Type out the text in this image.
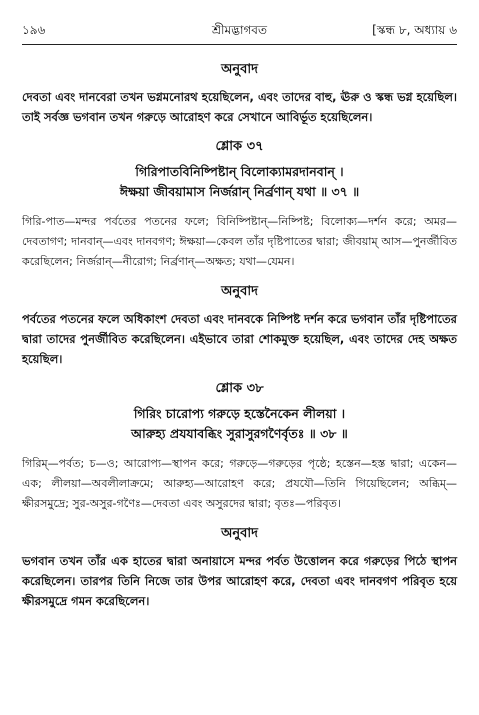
১৯৬	শ্রীমদ্ভাগবত	[স্কন্ধ ৮, অধ্যায় ৬
অনুবাদ

দেবতা এবং দানবেরা তখন ভগ্নমনোরথ হয়েছিলেন, এবং তাদের বাহু, ঊরু ও স্কন্ধ ভগ্ন হয়েছিল। তাই সর্বজ্ঞ ভগবান তখন গরুড়ে আরোহণ করে সেখানে আবির্ভূত হয়েছিলেন।

শ্লোক ৩৭
গিরিপাতবিনিষ্পিষ্টান্ বিলোক্যামরদানবান্ ।
ঈক্ষয়া জীবয়ামাস নির্জরান্ নির্ব্রণান্ যথা ॥ ৩৭ ॥

গিরি-পাত—মন্দর পর্বতের পতনের ফলে; বিনিষ্পিষ্টান্—নিষ্পিষ্ট; বিলোক্য—দর্শন করে; অমর—দেবতাগণ; দানবান্—এবং দানবগণ; ঈক্ষয়া—কেবল তাঁর দৃষ্টিপাতের দ্বারা; জীবয়াম্ আস—পুনর্জীবিত করেছিলেন; নির্জরান্—নীরোগ; নির্ব্রণান্—অক্ষত; যথা—যেমন।

অনুবাদ

পর্বতের পতনের ফলে অধিকাংশ দেবতা এবং দানবকে নিষ্পিষ্ট দর্শন করে ভগবান তাঁর দৃষ্টিপাতের দ্বারা তাদের পুনর্জীবিত করেছিলেন। এইভাবে তারা শোকমুক্ত হয়েছিল, এবং তাদের দেহ অক্ষত হয়েছিল।

শ্লোক ৩৮
গিরিং চারোপ্য গরুড়ে হস্তেনৈকেন লীলয়া ।
আরুহ্য প্রযযাবব্ধিং সুরাসুরগণৈর্বৃতঃ ॥ ৩৮ ॥

গিরিম্—পর্বত; চ—ও; আরোপ্য—স্থাপন করে; গরুড়ে—গরুড়ের পৃষ্ঠে; হস্তেন—হস্ত দ্বারা; একেন—এক; লীলয়া—অবলীলাক্রমে; আরুহ্য—আরোহণ করে; প্রযযৌ—তিনি গিয়েছিলেন; অব্ধিম্—ক্ষীরসমুদ্রে; সুর-অসুর-গণৈঃ—দেবতা এবং অসুরদের দ্বারা; বৃতঃ—পরিবৃত।

অনুবাদ

ভগবান তখন তাঁর এক হাতের দ্বারা অনায়াসে মন্দর পর্বত উত্তোলন করে গরুড়ের পিঠে স্থাপন করেছিলেন। তারপর তিনি নিজে তার উপর আরোহণ করে, দেবতা এবং দানবগণ পরিবৃত হয়ে ক্ষীরসমুদ্রে গমন করেছিলেন।
